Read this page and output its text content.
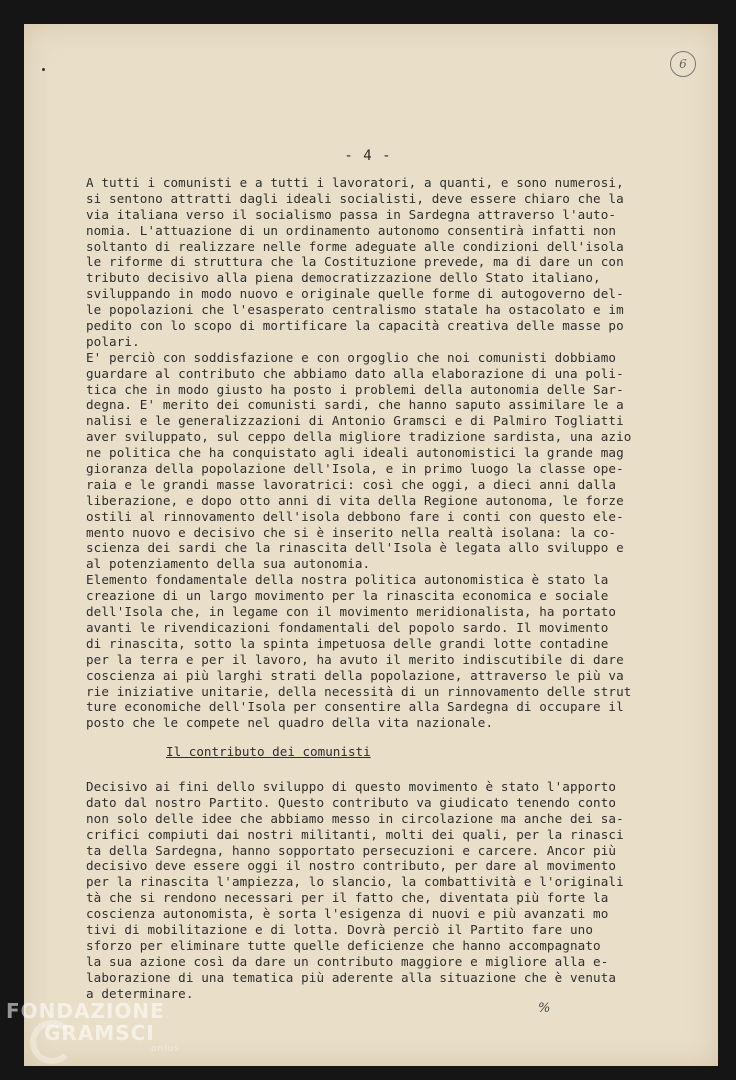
6
- 4 -
A tutti i comunisti e a tutti i lavoratori, a quanti, e sono numerosi,
si sentono attratti dagli ideali socialisti, deve essere chiaro che la
via italiana verso il socialismo passa in Sardegna attraverso l'auto-
nomia. L'attuazione di un ordinamento autonomo consentirà infatti non
soltanto di realizzare nelle forme adeguate alle condizioni dell'isola
le riforme di struttura che la Costituzione prevede, ma di dare un con
tributo decisivo alla piena democratizzazione dello Stato italiano,
sviluppando in modo nuovo e originale quelle forme di autogoverno del-
le popolazioni che l'esasperato centralismo statale ha ostacolato e im
pedito con lo scopo di mortificare la capacità creativa delle masse po
polari.
E' perciò con soddisfazione e con orgoglio che noi comunisti dobbiamo
guardare al contributo che abbiamo dato alla elaborazione di una poli-
tica che in modo giusto ha posto i problemi della autonomia delle Sar-
degna. E' merito dei comunisti sardi, che hanno saputo assimilare le a
nalisi e le generalizzazioni di Antonio Gramsci e di Palmiro Togliatti
aver sviluppato, sul ceppo della migliore tradizione sardista, una azio
ne politica che ha conquistato agli ideali autonomistici la grande mag
gioranza della popolazione dell'Isola, e in primo luogo la classe ope-
raia e le grandi masse lavoratrici: così che oggi, a dieci anni dalla
liberazione, e dopo otto anni di vita della Regione autonoma, le forze
ostili al rinnovamento dell'isola debbono fare i conti con questo ele-
mento nuovo e decisivo che si è inserito nella realtà isolana: la co-
scienza dei sardi che la rinascita dell'Isola è legata allo sviluppo e
al potenziamento della sua autonomia.
Elemento fondamentale della nostra politica autonomistica è stato la
creazione di un largo movimento per la rinascita economica e sociale
dell'Isola che, in legame con il movimento meridionalista, ha portato
avanti le rivendicazioni fondamentali del popolo sardo. Il movimento
di rinascita, sotto la spinta impetuosa delle grandi lotte contadine
per la terra e per il lavoro, ha avuto il merito indiscutibile di dare
coscienza ai più larghi strati della popolazione, attraverso le più va
rie iniziative unitarie, della necessità di un rinnovamento delle strut
ture economiche dell'Isola per consentire alla Sardegna di occupare il
posto che le compete nel quadro della vita nazionale.
Il contributo dei comunisti
Decisivo ai fini dello sviluppo di questo movimento è stato l'apporto
dato dal nostro Partito. Questo contributo va giudicato tenendo conto
non solo delle idee che abbiamo messo in circolazione ma anche dei sa-
crifici compiuti dai nostri militanti, molti dei quali, per la rinasci
ta della Sardegna, hanno sopportato persecuzioni e carcere. Ancor più
decisivo deve essere oggi il nostro contributo, per dare al movimento
per la rinascita l'ampiezza, lo slancio, la combattività e l'originali
tà che si rendono necessari per il fatto che, diventata più forte la
coscienza autonomista, è sorta l'esigenza di nuovi e più avanzati mo
tivi di mobilitazione e di lotta. Dovrà perciò il Partito fare uno
sforzo per eliminare tutte quelle deficienze che hanno accompagnato
la sua azione così da dare un contributo maggiore e migliore alla e-
laborazione di una tematica più aderente alla situazione che è venuta
a determinare.
%
FONDAZIONE
GRAMSCI
onlus
